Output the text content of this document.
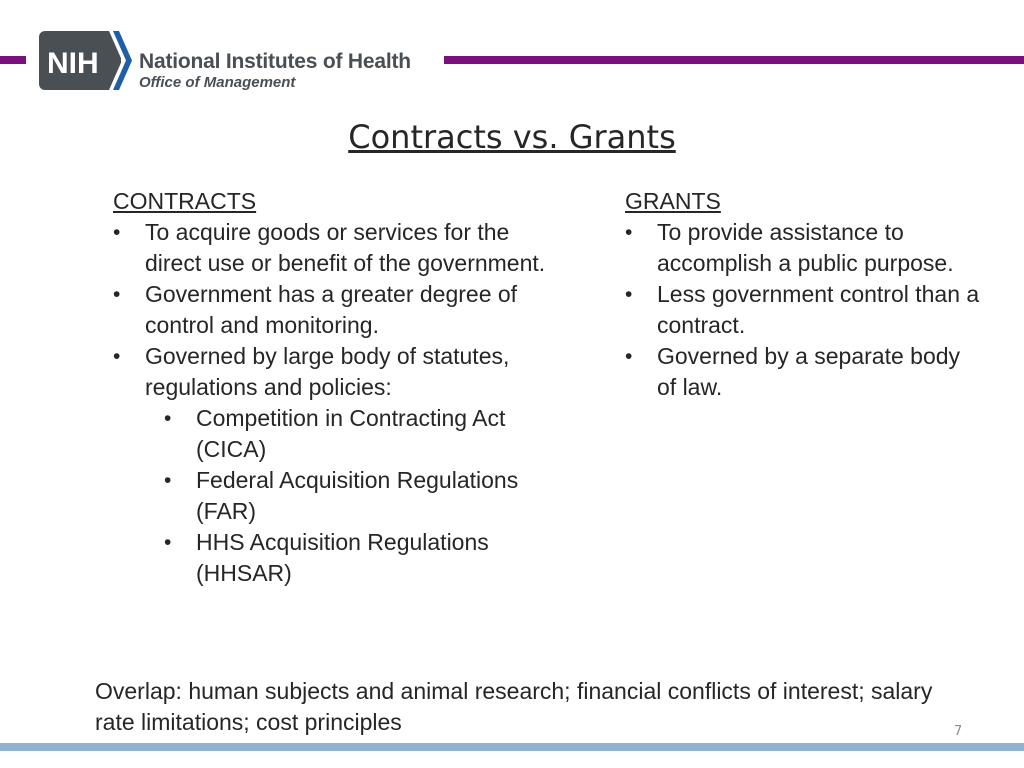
NIH National Institutes of Health
Office of Management
Contracts vs. Grants
CONTRACTS
• To acquire goods or services for the direct use or benefit of the government.
• Government has a greater degree of control and monitoring.
• Governed by large body of statutes, regulations and policies:
• Competition in Contracting Act (CICA)
• Federal Acquisition Regulations (FAR)
• HHS Acquisition Regulations (HHSAR)
GRANTS
• To provide assistance to accomplish a public purpose.
• Less government control than a contract.
• Governed by a separate body of law.
Overlap: human subjects and animal research; financial conflicts of interest; salary rate limitations; cost principles	7
